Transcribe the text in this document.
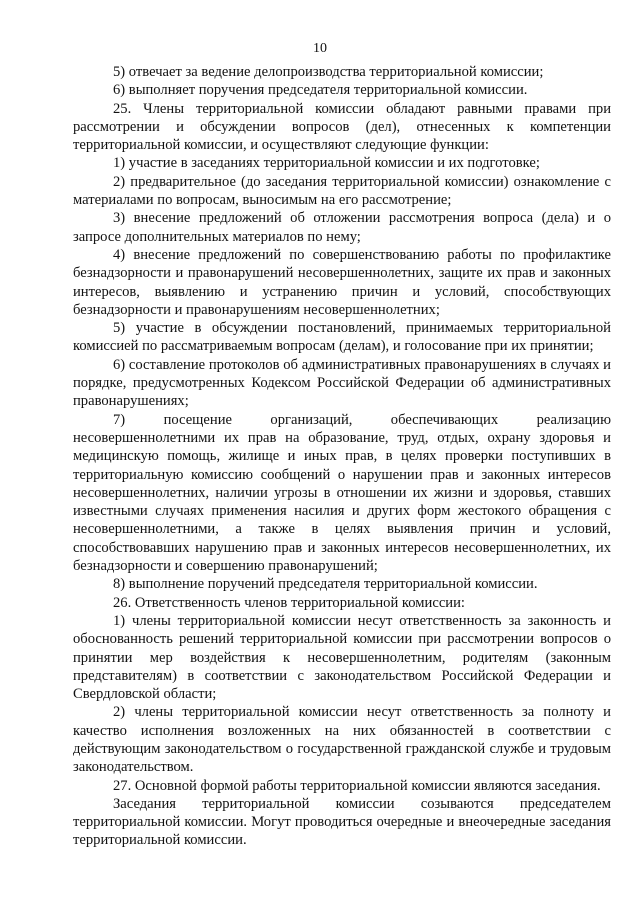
10

5) отвечает за ведение делопроизводства территориальной комиссии;

6) выполняет поручения председателя территориальной комиссии.

25. Члены территориальной комиссии обладают равными правами при рассмотрении и обсуждении вопросов (дел), отнесенных к компетенции территориальной комиссии, и осуществляют следующие функции:

1) участие в заседаниях территориальной комиссии и их подготовке;

2) предварительное (до заседания территориальной комиссии) ознакомление с материалами по вопросам, выносимым на его рассмотрение;

3) внесение предложений об отложении рассмотрения вопроса (дела) и о запросе дополнительных материалов по нему;

4) внесение предложений по совершенствованию работы по профилактике безнадзорности и правонарушений несовершеннолетних, защите их прав и законных интересов, выявлению и устранению причин и условий, способствующих безнадзорности и правонарушениям несовершеннолетних;

5) участие в обсуждении постановлений, принимаемых территориальной комиссией по рассматриваемым вопросам (делам), и голосование при их принятии;

6) составление протоколов об административных правонарушениях в случаях и порядке, предусмотренных Кодексом Российской Федерации об административных правонарушениях;

7) посещение организаций, обеспечивающих реализацию несовершеннолетними их прав на образование, труд, отдых, охрану здоровья и медицинскую помощь, жилище и иных прав, в целях проверки поступивших в территориальную комиссию сообщений о нарушении прав и законных интересов несовершеннолетних, наличии угрозы в отношении их жизни и здоровья, ставших известными случаях применения насилия и других форм жестокого обращения с несовершеннолетними, а также в целях выявления причин и условий, способствовавших нарушению прав и законных интересов несовершеннолетних, их безнадзорности и совершению правонарушений;

8) выполнение поручений председателя территориальной комиссии.

26. Ответственность членов территориальной комиссии:

1) члены территориальной комиссии несут ответственность за законность и обоснованность решений территориальной комиссии при рассмотрении вопросов о принятии мер воздействия к несовершеннолетним, родителям (законным представителям) в соответствии с законодательством Российской Федерации и Свердловской области;

2) члены территориальной комиссии несут ответственность за полноту и качество исполнения возложенных на них обязанностей в соответствии с действующим законодательством о государственной гражданской службе и трудовым законодательством.

27. Основной формой работы территориальной комиссии являются заседания.

Заседания территориальной комиссии созываются председателем территориальной комиссии. Могут проводиться очередные и внеочередные заседания территориальной комиссии.
